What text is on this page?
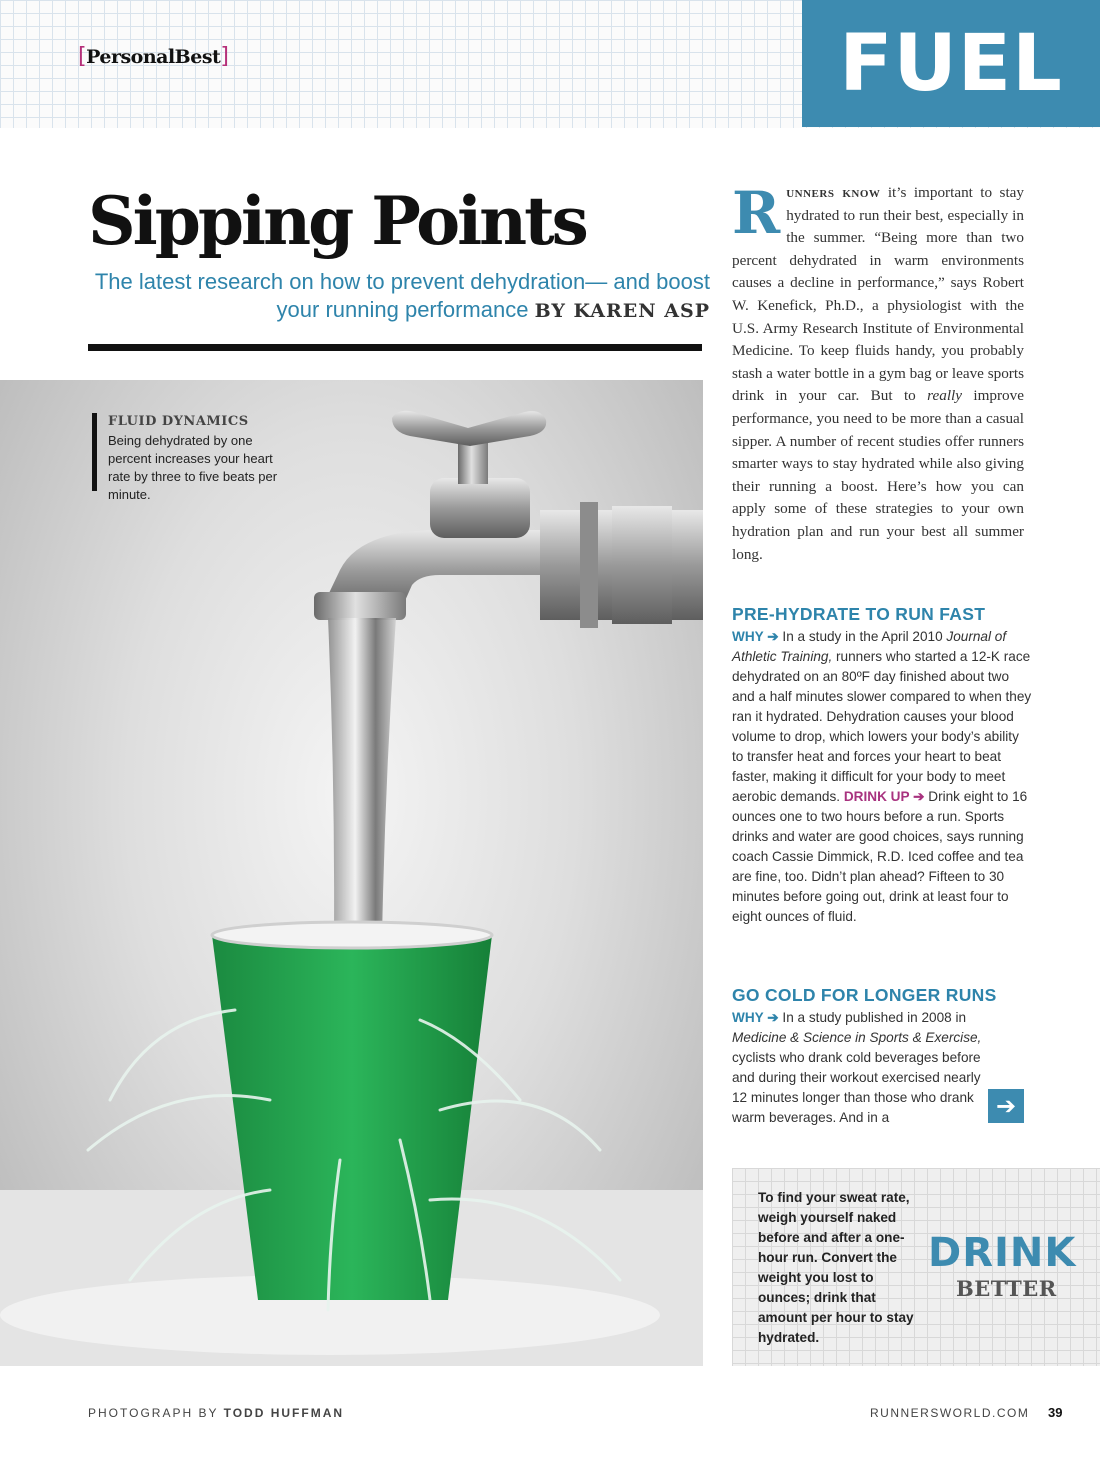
[PersonalBest]	FUEL
Sipping Points
The latest research on how to prevent dehydration— and boost your running performance BY KAREN ASP
FLUID DYNAMICS
Being dehydrated by one percent increases your heart rate by three to five beats per minute.
Runners know it’s important to stay hydrated to run their best, especially in the summer. “Being more than two percent dehydrated in warm environments causes a decline in performance,” says Robert W. Kenefick, Ph.D., a physiologist with the U.S. Army Research Institute of Environmental Medicine. To keep fluids handy, you probably stash a water bottle in a gym bag or leave sports drink in your car. But to really improve performance, you need to be more than a casual sipper. A number of recent studies offer runners smarter ways to stay hydrated while also giving their running a boost. Here’s how you can apply some of these strategies to your own hydration plan and run your best all summer long.
PRE-HYDRATE TO RUN FAST
WHY ➔ In a study in the April 2010 Journal of Athletic Training, runners who started a 12-K race dehydrated on an 80ºF day finished about two and a half minutes slower compared to when they ran it hydrated. Dehydration causes your blood volume to drop, which lowers your body’s ability to transfer heat and forces your heart to beat faster, making it difficult for your body to meet aerobic demands. DRINK UP ➔ Drink eight to 16 ounces one to two hours before a run. Sports drinks and water are good choices, says running coach Cassie Dimmick, R.D. Iced coffee and tea are fine, too. Didn’t plan ahead? Fifteen to 30 minutes before going out, drink at least four to eight ounces of fluid.
GO COLD FOR LONGER RUNS
WHY ➔ In a study published in 2008 in Medicine & Science in Sports & Exercise, cyclists who drank cold beverages before and during their workout exercised nearly 12 minutes longer than those who drank warm beverages. And in a	➔
To find your sweat rate, weigh yourself naked before and after a one-hour run. Convert the weight you lost to ounces; drink that amount per hour to stay hydrated.
DRINK
BETTER
PHOTOGRAPH BY TODD HUFFMAN	RUNNERSWORLD.COM 39
